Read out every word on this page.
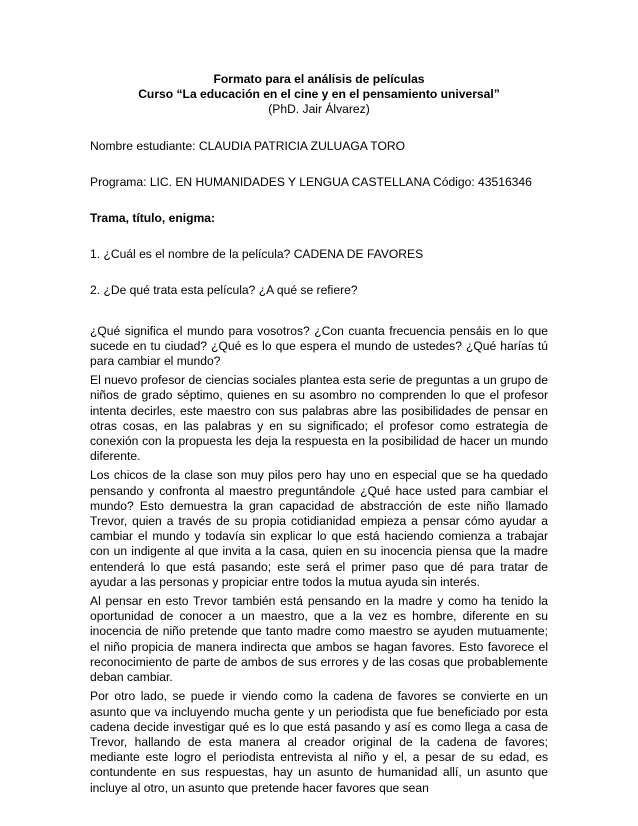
Formato para el análisis de películas

Curso “La educación en el cine y en el pensamiento universal”

(PhD. Jair Álvarez)

Nombre estudiante: CLAUDIA PATRICIA ZULUAGA TORO

Programa: LIC. EN HUMANIDADES Y LENGUA CASTELLANA Código: 43516346

Trama, título, enigma:

1. ¿Cuál es el nombre de la película? CADENA DE FAVORES

2. ¿De qué trata esta película? ¿A qué se refiere?

¿Qué significa el mundo para vosotros? ¿Con cuanta frecuencia pensáis en lo que sucede en tu ciudad? ¿Qué es lo que espera el mundo de ustedes? ¿Qué harías tú para cambiar el mundo?

El nuevo profesor de ciencias sociales plantea esta serie de preguntas a un grupo de niños de grado séptimo, quienes en su asombro no comprenden lo que el profesor intenta decirles, este maestro con sus palabras abre las posibilidades de pensar en otras cosas, en las palabras y en su significado; el profesor como estrategia de conexión con la propuesta les deja la respuesta en la posibilidad de hacer un mundo diferente.

Los chicos de la clase son muy pilos pero hay uno en especial que se ha quedado pensando y confronta al maestro preguntándole ¿Qué hace usted para cambiar el mundo? Esto demuestra la gran capacidad de abstracción de este niño llamado Trevor, quien a través de su propia cotidianidad empieza a pensar cómo ayudar a cambiar el mundo y todavía sin explicar lo que está haciendo comienza a trabajar con un indigente al que invita a la casa, quien en su inocencia piensa que la madre entenderá lo que está pasando; este será el primer paso que dé para tratar de ayudar a las personas y propiciar entre todos la mutua ayuda sin interés.

Al pensar en esto Trevor también está pensando en la madre y como ha tenido la oportunidad de conocer a un maestro, que a la vez es hombre, diferente en su inocencia de niño pretende que tanto madre como maestro se ayuden mutuamente; el niño propicia de manera indirecta que ambos se hagan favores. Esto favorece el reconocimiento de parte de ambos de sus errores y de las cosas que probablemente deban cambiar.

Por otro lado, se puede ir viendo como la cadena de favores se convierte en un asunto que va incluyendo mucha gente y un periodista que fue beneficiado por esta cadena decide investigar qué es lo que está pasando y así es como llega a casa de Trevor, hallando de esta manera al creador original de la cadena de favores; mediante este logro el periodista entrevista al niño y el, a pesar de su edad, es contundente en sus respuestas, hay un asunto de humanidad allí, un asunto que incluye al otro, un asunto que pretende hacer favores que sean
